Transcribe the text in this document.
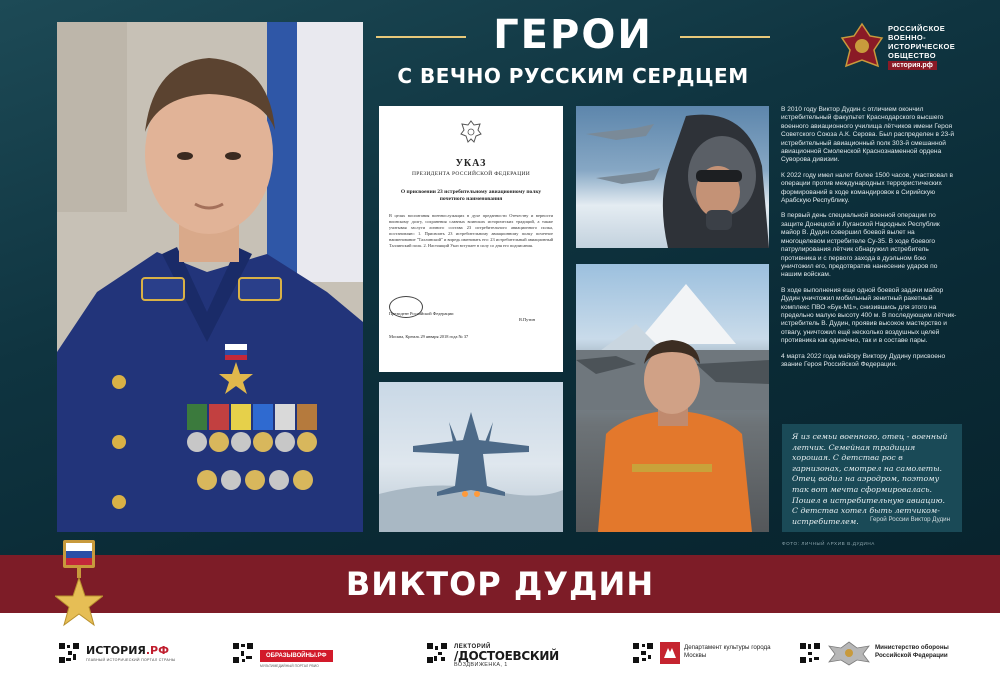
ГЕРОИ
С ВЕЧНО РУССКИМ СЕРДЦЕМ
РОССИЙСКОЕ
ВОЕННО-
ИСТОРИЧЕСКОЕ
ОБЩЕСТВО
история.рф
УКАЗ
ПРЕЗИДЕНТА РОССИЙСКОЙ ФЕДЕРАЦИИ
О присвоении 23 истребительному авиационному полку почетного наименования
В целях воспитания военнослужащих в духе преданности Отечеству и верности воинскому долгу, сохранения славных воинских исторических традиций, а также учитывая заслуги личного состава 23 истребительного авиационного полка, постановляю: 1. Присвоить 23 истребительному авиационному полку почетное наименование "Таллинский" и впредь именовать его: 23 истребительный авиационный Таллинский полк. 2. Настоящий Указ вступает в силу со дня его подписания.
Президент Российской Федерации
В.Путин
Москва, Кремль 29 января 2018 года № 37

В 2010 году Виктор Дудин с отличием окончил истребительный факультет Краснодарского высшего военного авиационного училища лётчиков имени Героя Советского Союза А.К. Серова. Был распределен в 23-й истребительный авиационный полк 303-й смешанной авиационной Смоленской Краснознаменной ордена Суворова дивизии.

К 2022 году имел налет более 1500 часов, участвовал в операции против международных террористических формирований в ходе командировок в Сирийскую Арабскую Республику.

В первый день специальной военной операции по защите Донецкой и Луганской Народных Республик майор В. Дудин совершил боевой вылет на многоцелевом истребителе Су-35. В ходе боевого патрулирования лётчик обнаружил истребитель противника и с первого захода в дуэльном бою уничтожил его, предотвратив нанесение ударов по нашим войскам.

В ходе выполнения еще одной боевой задачи майор Дудин уничтожил мобильный зенитный ракетный комплекс ПВО «Бук-М1», снизившись для этого на предельно малую высоту 400 м. В последующем лётчик-истребитель В. Дудин, проявив высокое мастерство и отвагу, уничтожил ещё несколько воздушных целей противника как одиночно, так и в составе пары.

4 марта 2022 года майору Виктору Дудину присвоено звание Героя Российской Федерации.

Я из семьи военного, отец - военный летчик. Семейная традиция хорошая. С детства рос в гарнизонах, смотрел на самолеты. Отец водил на аэродром, поэтому так вот мечта сформировалась. Пошел в истребительную авиацию. С детства хотел быть летчиком-истребителем.	Герой России Виктор Дудин
ФОТО: ЛИЧНЫЙ АРХИВ В.ДУДИНА
ВИКТОР ДУДИН
ИСТОРИЯ.РФ
ГЛАВНЫЙ ИСТОРИЧЕСКИЙ ПОРТАЛ СТРАНЫ
ОБРАЗЫВОЙНЫ.РФ
МУЛЬТИМЕДИЙНЫЙ ПОРТАЛ РВИО
ЛЕКТОРИЙ
/ДОСТОЕВСКИЙ
ВОЗДВИЖЕНКА, 1
Департамент культуры города Москвы
Министерство обороны Российской Федерации
